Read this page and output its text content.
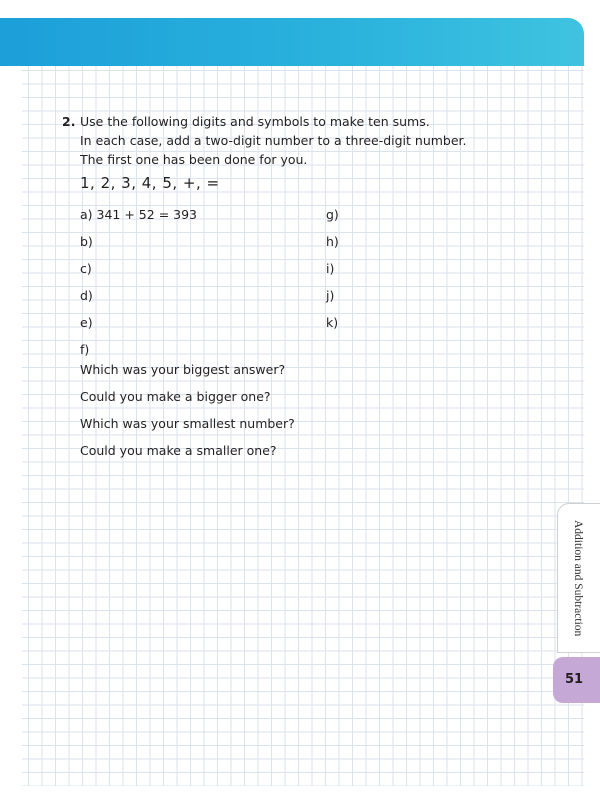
2. Use the following digits and symbols to make ten sums.
In each case, add a two-digit number to a three-digit number.
The first one has been done for you.
1, 2, 3, 4, 5, +, =
a) 341 + 52 = 393
b)
c)
d)
e)
f)
g)
h)
i)
j)
k)
Which was your biggest answer?
Could you make a bigger one?
Which was your smallest number?
Could you make a smaller one?
Addition and Subtraction
51
